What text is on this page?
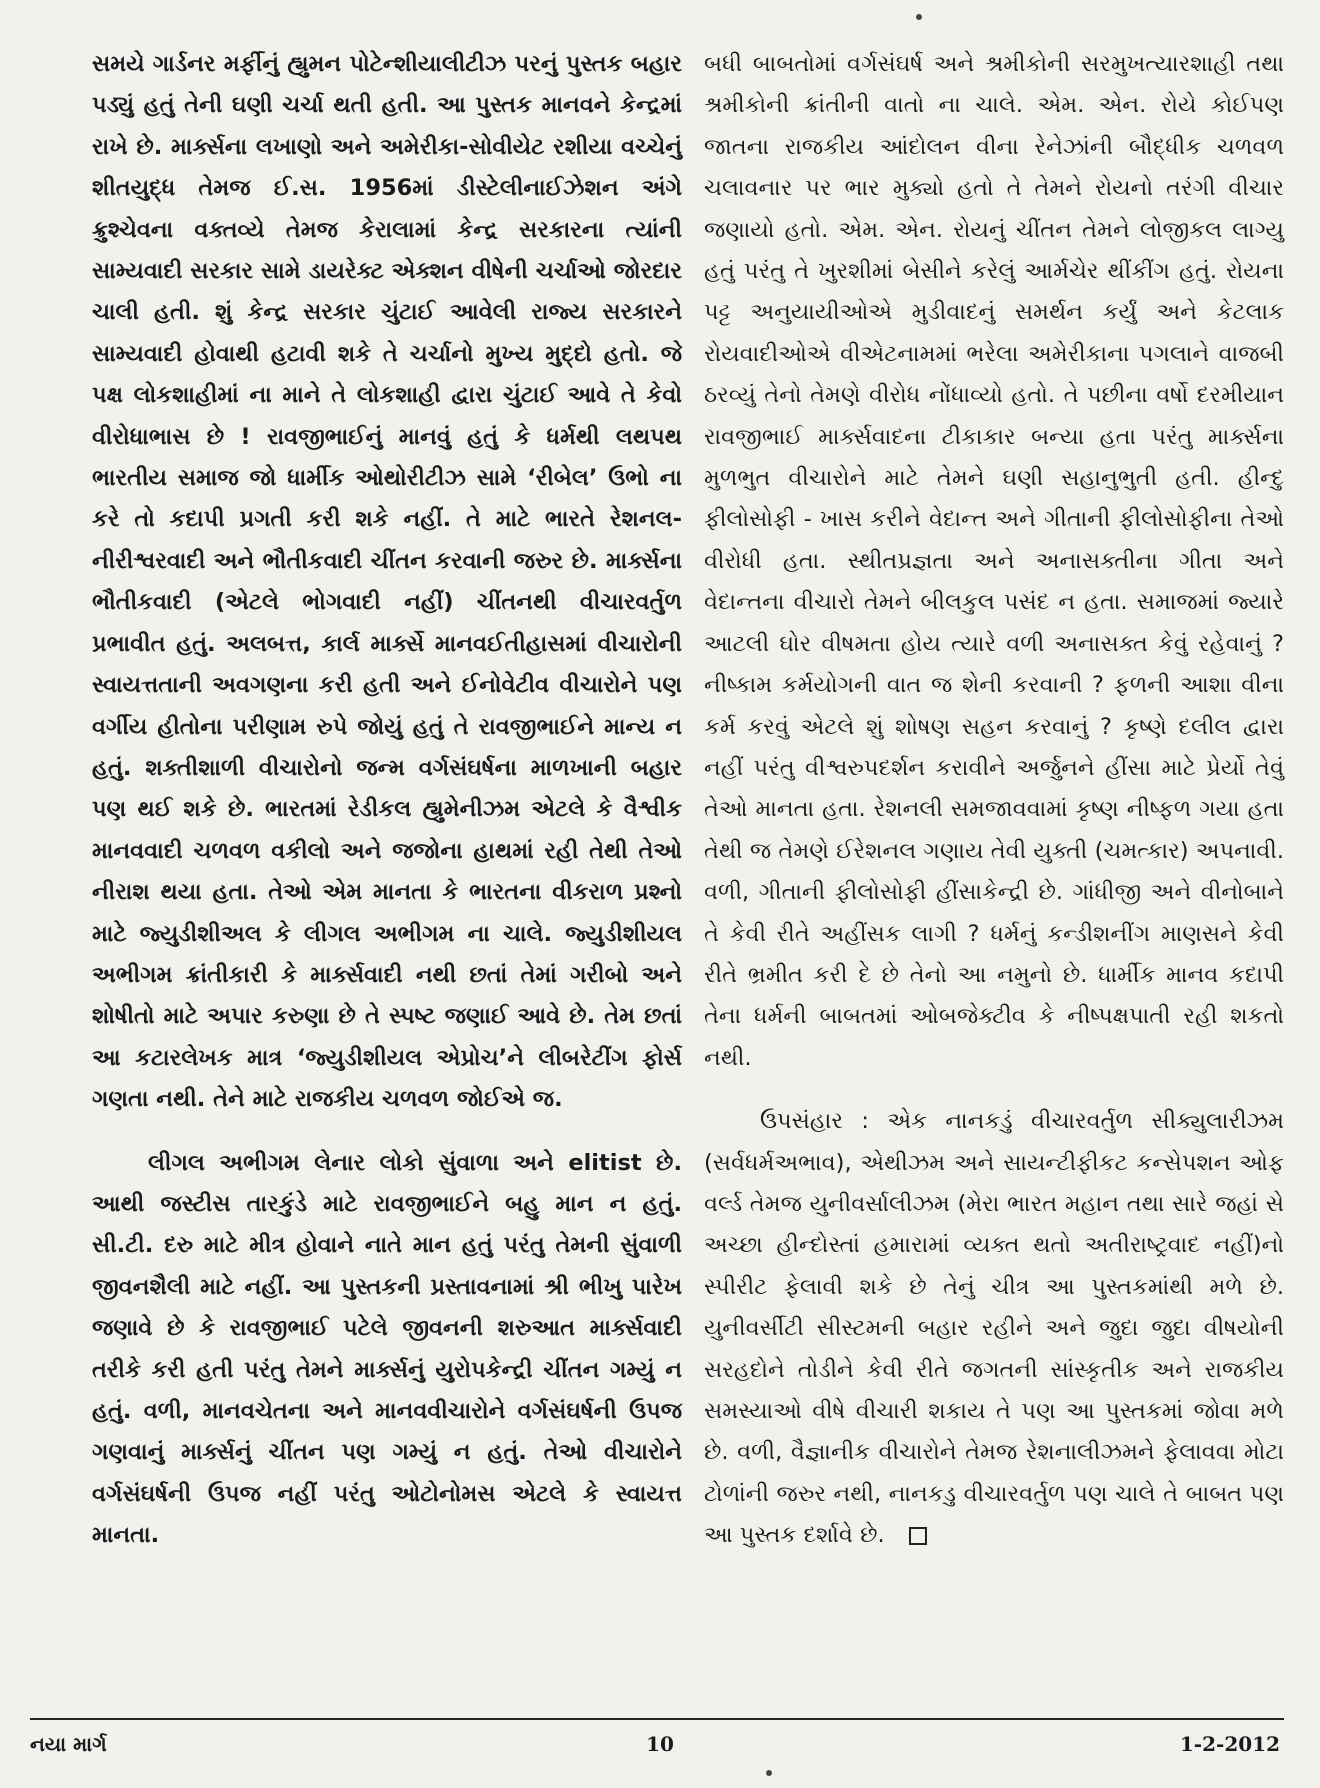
સમયે ગાર્ડનર મર્ફીનું હ્યુમન પોટેન્શીયાલીટીઝ પરનું પુસ્તક બહાર પડ્યું હતું તેની ઘણી ચર્ચા થતી હતી. આ પુસ્તક માનવને કેન્દ્રમાં રાખે છે. માર્ક્સના લખાણો અને અમેરીકા-સોવીયેટ રશીયા વચ્ચેનું શીતયુદ્ધ તેમજ ઈ.સ. 1956માં ડીસ્ટેલીનાઈઝેશન અંગે ક્રુશ્ચેવના વક્તવ્યે તેમજ કેરાલામાં કેન્દ્ર સરકારના ત્યાંની સામ્યવાદી સરકાર સામે ડાયરેક્ટ એક્શન વીષેની ચર્ચાઓ જોરદાર ચાલી હતી. શું કેન્દ્ર સરકાર ચુંટાઈ આવેલી રાજ્ય સરકારને સામ્યવાદી હોવાથી હટાવી શકે તે ચર્ચાનો મુખ્ય મુદ્દો હતો. જે પક્ષ લોકશાહીમાં ના માને તે લોકશાહી દ્વારા ચુંટાઈ આવે તે કેવો વીરોધાભાસ છે ! રાવજીભાઈનું માનવું હતું કે ધર્મથી લથપથ ભારતીય સમાજ જો ધાર્મીક ઓથોરીટીઝ સામે ‘રીબેલ’ ઉભો ના કરે તો કદાપી પ્રગતી કરી શકે નહીં. તે માટે ભારતે રેશનલ-નીરીશ્વરવાદી અને ભૌતીકવાદી ચીંતન કરવાની જરુર છે. માર્ક્સના ભૌતીકવાદી (એટલે ભોગવાદી નહીં) ચીંતનથી વીચારવર્તુળ પ્રભાવીત હતું. અલબત્ત, કાર્લ માર્ક્સે માનવઈતીહાસમાં વીચારોની સ્વાયત્તતાની અવગણના કરી હતી અને ઈનોવેટીવ વીચારોને પણ વર્ગીય હીતોના પરીણામ રુપે જોયું હતું તે રાવજીભાઈને માન્ય ન હતું. શક્તીશાળી વીચારોનો જન્મ વર્ગસંઘર્ષના માળખાની બહાર પણ થઈ શકે છે. ભારતમાં રેડીકલ હ્યુમેનીઝમ એટલે કે વૈશ્વીક માનવવાદી ચળવળ વકીલો અને જજોના હાથમાં રહી તેથી તેઓ નીરાશ થયા હતા. તેઓ એમ માનતા કે ભારતના વીકરાળ પ્રશ્નો માટે જ્યુડીશીઅલ કે લીગલ અભીગમ ના ચાલે. જ્યુડીશીયલ અભીગમ ક્રાંતીકારી કે માર્ક્સવાદી નથી છતાં તેમાં ગરીબો અને શોષીતો માટે અપાર કરુણા છે તે સ્પષ્ટ જણાઈ આવે છે. તેમ છતાં આ કટારલેખક માત્ર ‘જ્યુડીશીયલ એપ્રોચ’ને લીબરેટીંગ ફોર્સ ગણતા નથી. તેને માટે રાજકીય ચળવળ જોઈએ જ.

લીગલ અભીગમ લેનાર લોકો સુંવાળા અને elitist છે. આથી જસ્ટીસ તારકુંડે માટે રાવજીભાઈને બહુ માન ન હતું. સી.ટી. દરુ માટે મીત્ર હોવાને નાતે માન હતું પરંતુ તેમની સુંવાળી જીવનશૈલી માટે નહીં. આ પુસ્તકની પ્રસ્તાવનામાં શ્રી ભીખુ પારેખ જણાવે છે કે રાવજીભાઈ પટેલે જીવનની શરુઆત માર્ક્સવાદી તરીકે કરી હતી પરંતુ તેમને માર્ક્સનું યુરોપકેન્દ્રી ચીંતન ગમ્યું ન હતું. વળી, માનવચેતના અને માનવવીચારોને વર્ગસંઘર્ષની ઉપજ ગણવાનું માર્ક્સનું ચીંતન પણ ગમ્યું ન હતું. તેઓ વીચારોને વર્ગસંઘર્ષની ઉપજ નહીં પરંતુ ઓટોનોમસ એટલે કે સ્વાયત્ત માનતા.

બધી બાબતોમાં વર્ગસંઘર્ષ અને શ્રમીકોની સરમુખત્યારશાહી તથા શ્રમીકોની ક્રાંતીની વાતો ના ચાલે. એમ. એન. રોયે કોઈપણ જાતના રાજકીય આંદોલન વીના રેનેઝાંની બૌદ્ધીક ચળવળ ચલાવનાર પર ભાર મુક્યો હતો તે તેમને રોયનો તરંગી વીચાર જણાયો હતો. એમ. એન. રોયનું ચીંતન તેમને લોજીકલ લાગ્યુ હતું પરંતુ તે ખુરશીમાં બેસીને કરેલું આર્મચેર થીંકીંગ હતું. રોયના પટ્ટ અનુયાયીઓએ મુડીવાદનું સમર્થન કર્યું અને કેટલાક રોયવાદીઓએ વીએટનામમાં ભરેલા અમેરીકાના પગલાને વાજબી ઠરવ્યું તેનો તેમણે વીરોધ નોંધાવ્યો હતો. તે પછીના વર્ષો દરમીયાન રાવજીભાઈ માર્ક્સવાદના ટીકાકાર બન્યા હતા પરંતુ માર્ક્સના મુળભુત વીચારોને માટે તેમને ઘણી સહાનુભુતી હતી. હીન્દુ ફીલોસોફી - ખાસ કરીને વેદાન્ત અને ગીતાની ફીલોસોફીના તેઓ વીરોધી હતા. સ્થીતપ્રજ્ઞતા અને અનાસક્તીના ગીતા અને વેદાન્તના વીચારો તેમને બીલકુલ પસંદ ન હતા. સમાજમાં જ્યારે આટલી ઘોર વીષમતા હોય ત્યારે વળી અનાસક્ત કેવું રહેવાનું ? નીષ્કામ કર્મયોગની વાત જ શેની કરવાની ? ફળની આશા વીના કર્મ કરવું એટલે શું શોષણ સહન કરવાનું ? કૃષ્ણે દલીલ દ્વારા નહીં પરંતુ વીશ્વરુપદર્શન કરાવીને અર્જુનને હીંસા માટે પ્રેર્યો તેવું તેઓ માનતા હતા. રેશનલી સમજાવવામાં કૃષ્ણ નીષ્ફળ ગયા હતા તેથી જ તેમણે ઈરેશનલ ગણાય તેવી યુક્તી (ચમત્કાર) અપનાવી. વળી, ગીતાની ફીલોસોફી હીંસાકેન્દ્રી છે. ગાંધીજી અને વીનોબાને તે કેવી રીતે અહીંસક લાગી ? ધર્મનું કન્ડીશનીંગ માણસને કેવી રીતે ભ્રમીત કરી દે છે તેનો આ નમુનો છે. ધાર્મીક માનવ કદાપી તેના ધર્મની બાબતમાં ઓબજેક્ટીવ કે નીષ્પક્ષપાતી રહી શકતો નથી.

ઉપસંહાર : એક નાનકડું વીચારવર્તુળ સીક્યુલારીઝમ (સર્વધર્મઅભાવ), એથીઝમ અને સાયન્ટીફીકટ કન્સેપશન ઓફ વર્લ્ડ તેમજ યુનીવર્સાલીઝમ (મેરા ભારત મહાન તથા સારે જહાં સે અચ્છા હીન્દોસ્તાં હમારામાં વ્યક્ત થતો અતીરાષ્ટ્રવાદ નહીં)નો સ્પીરીટ ફેલાવી શકે છે તેનું ચીત્ર આ પુસ્તકમાંથી મળે છે. યુનીવર્સીટી સીસ્ટમની બહાર રહીને અને જુદા જુદા વીષયોની સરહદોને તોડીને કેવી રીતે જગતની સાંસ્કૃતીક અને રાજકીય સમસ્યાઓ વીષે વીચારી શકાય તે પણ આ પુસ્તકમાં જોવા મળે છે. વળી, વૈજ્ઞાનીક વીચારોને તેમજ રેશનાલીઝમને ફેલાવવા મોટા ટોળાંની જરુર નથી, નાનકડુ વીચારવર્તુળ પણ ચાલે તે બાબત પણ આ પુસ્તક દર્શાવે છે.

નયા માર્ગ	10	1-2-2012
